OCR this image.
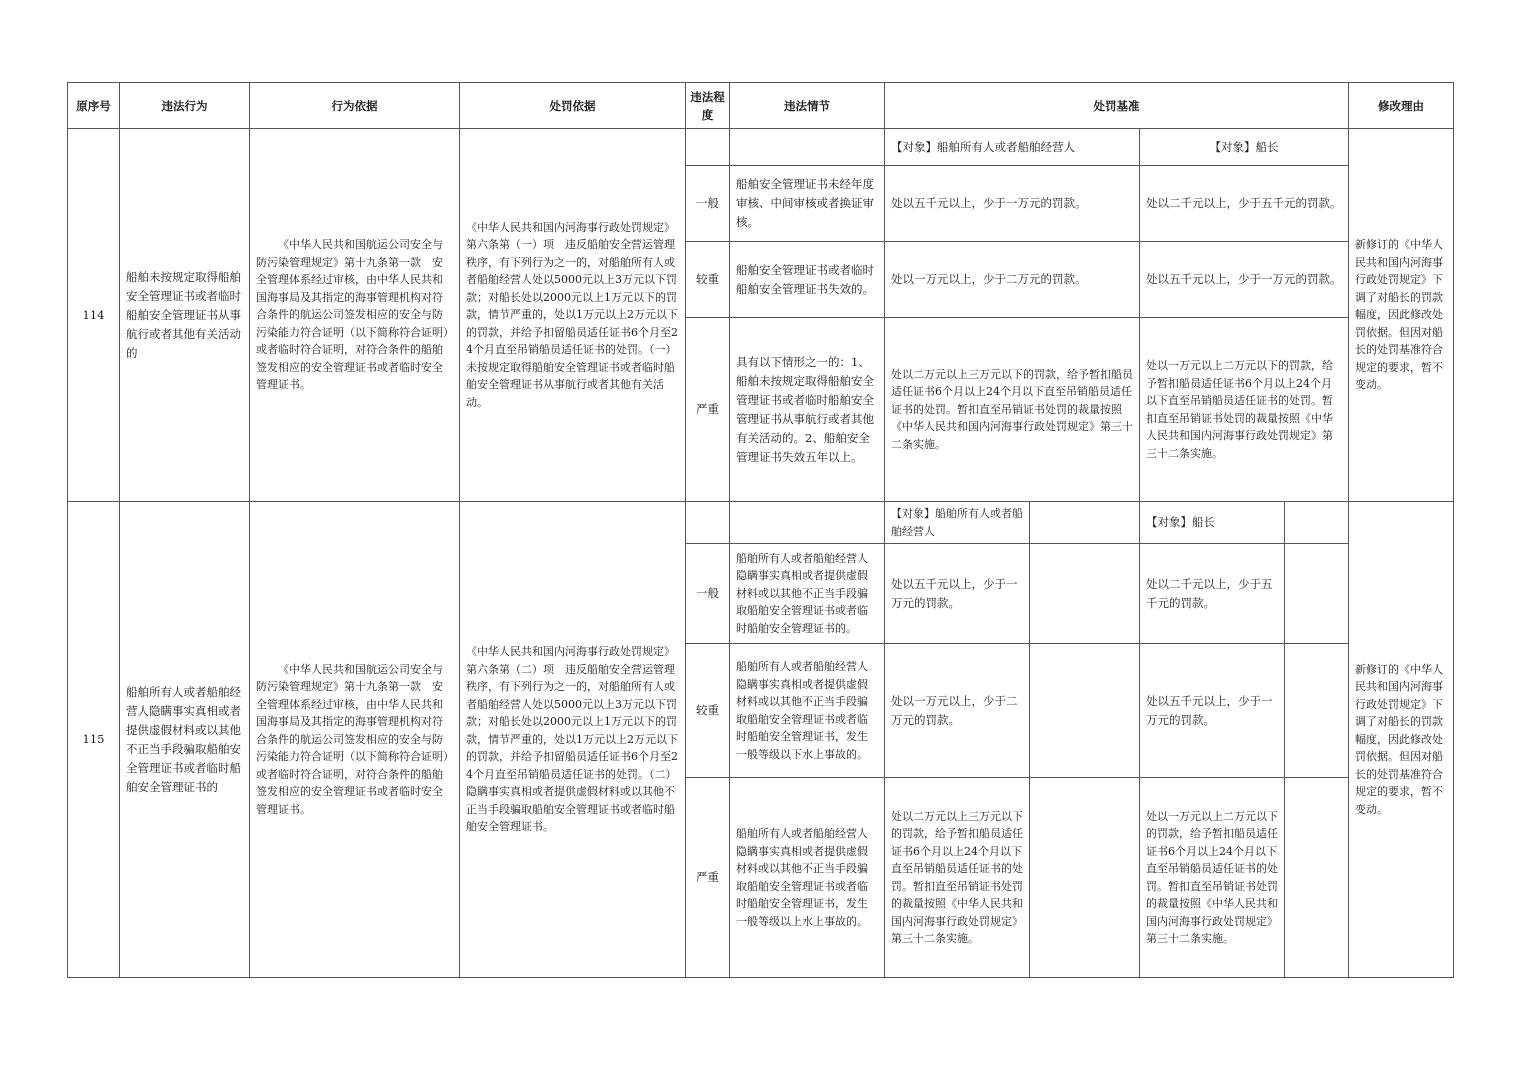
原序号	违法行为	行为依据	处罚依据	违法程度	违法情节	处罚基准				修改理由
114	船舶未按规定取得船舶安全管理证书或者临时船舶安全管理证书从事航行或者其他有关活动的	《中华人民共和国航运公司安全与防污染管理规定》第十九条第一款　安全管理体系经过审核，由中华人民共和国海事局及其指定的海事管理机构对符合条件的航运公司签发相应的安全与防污染能力符合证明（以下简称符合证明）或者临时符合证明，对符合条件的船舶签发相应的安全管理证书或者临时安全管理证书。	《中华人民共和国内河海事行政处罚规定》第六条第（一）项　违反船舶安全营运管理秩序，有下列行为之一的，对船舶所有人或者船舶经营人处以5000元以上3万元以下罚款；对船长处以2000元以上1万元以下的罚款，情节严重的，处以1万元以上2万元以下的罚款，并给予扣留船员适任证书6个月至24个月直至吊销船员适任证书的处罚。（一）未按规定取得船舶安全管理证书或者临时船舶安全管理证书从事航行或者其他有关活动。			【对象】船舶所有人或者船舶经营人		【对象】船长		新修订的《中华人民共和国内河海事行政处罚规定》下调了对船长的罚款幅度，因此修改处罚依据。但因对船长的处罚基准符合规定的要求，暂不变动。
				一般	船舶安全管理证书未经年度审核、中间审核或者换证审核。	处以五千元以上，少于一万元的罚款。		处以二千元以上，少于五千元的罚款。		
				较重	船舶安全管理证书或者临时船舶安全管理证书失效的。	处以一万元以上，少于二万元的罚款。		处以五千元以上，少于一万元的罚款。		
				严重	具有以下情形之一的：1、船舶未按规定取得船舶安全管理证书或者临时船舶安全管理证书从事航行或者其他有关活动的。2、船舶安全管理证书失效五年以上。	处以二万元以上三万元以下的罚款，给予暂扣船员适任证书6个月以上24个月以下直至吊销船员适任证书的处罚。暂扣直至吊销证书处罚的裁量按照《中华人民共和国内河海事行政处罚规定》第三十二条实施。		处以一万元以上二万元以下的罚款，给予暂扣船员适任证书6个月以上24个月以下直至吊销船员适任证书的处罚。暂扣直至吊销证书处罚的裁量按照《中华人民共和国内河海事行政处罚规定》第三十二条实施。		
115	船舶所有人或者船舶经营人隐瞒事实真相或者提供虚假材料或以其他不正当手段骗取船舶安全管理证书或者临时船舶安全管理证书的	《中华人民共和国航运公司安全与防污染管理规定》第十九条第一款　安全管理体系经过审核，由中华人民共和国海事局及其指定的海事管理机构对符合条件的航运公司签发相应的安全与防污染能力符合证明（以下简称符合证明）或者临时符合证明，对符合条件的船舶签发相应的安全管理证书或者临时安全管理证书。	《中华人民共和国内河海事行政处罚规定》第六条第（二）项　违反船舶安全营运管理秩序，有下列行为之一的，对船舶所有人或者船舶经营人处以5000元以上3万元以下罚款；对船长处以2000元以上1万元以下的罚款，情节严重的，处以1万元以上2万元以下的罚款，并给予扣留船员适任证书6个月至24个月直至吊销船员适任证书的处罚。（二）隐瞒事实真相或者提供虚假材料或以其他不正当手段骗取船舶安全管理证书或者临时船舶安全管理证书。			【对象】船舶所有人或者船舶经营人		【对象】船长		新修订的《中华人民共和国内河海事行政处罚规定》下调了对船长的罚款幅度，因此修改处罚依据。但因对船长的处罚基准符合规定的要求，暂不变动。
				一般	船舶所有人或者船舶经营人隐瞒事实真相或者提供虚假材料或以其他不正当手段骗取船舶安全管理证书或者临时船舶安全管理证书的。	处以五千元以上，少于一万元的罚款。		处以二千元以上，少于五千元的罚款。		
				较重	船舶所有人或者船舶经营人隐瞒事实真相或者提供虚假材料或以其他不正当手段骗取船舶安全管理证书或者临时船舶安全管理证书，发生一般等级以下水上事故的。	处以一万元以上，少于二万元的罚款。		处以五千元以上，少于一万元的罚款。		
				严重	船舶所有人或者船舶经营人隐瞒事实真相或者提供虚假材料或以其他不正当手段骗取船舶安全管理证书或者临时船舶安全管理证书，发生一般等级以上水上事故的。	处以二万元以上三万元以下的罚款，给予暂扣船员适任证书6个月以上24个月以下直至吊销船员适任证书的处罚。暂扣直至吊销证书处罚的裁量按照《中华人民共和国内河海事行政处罚规定》第三十二条实施。		处以一万元以上二万元以下的罚款，给予暂扣船员适任证书6个月以上24个月以下直至吊销船员适任证书的处罚。暂扣直至吊销证书处罚的裁量按照《中华人民共和国内河海事行政处罚规定》第三十二条实施。		
